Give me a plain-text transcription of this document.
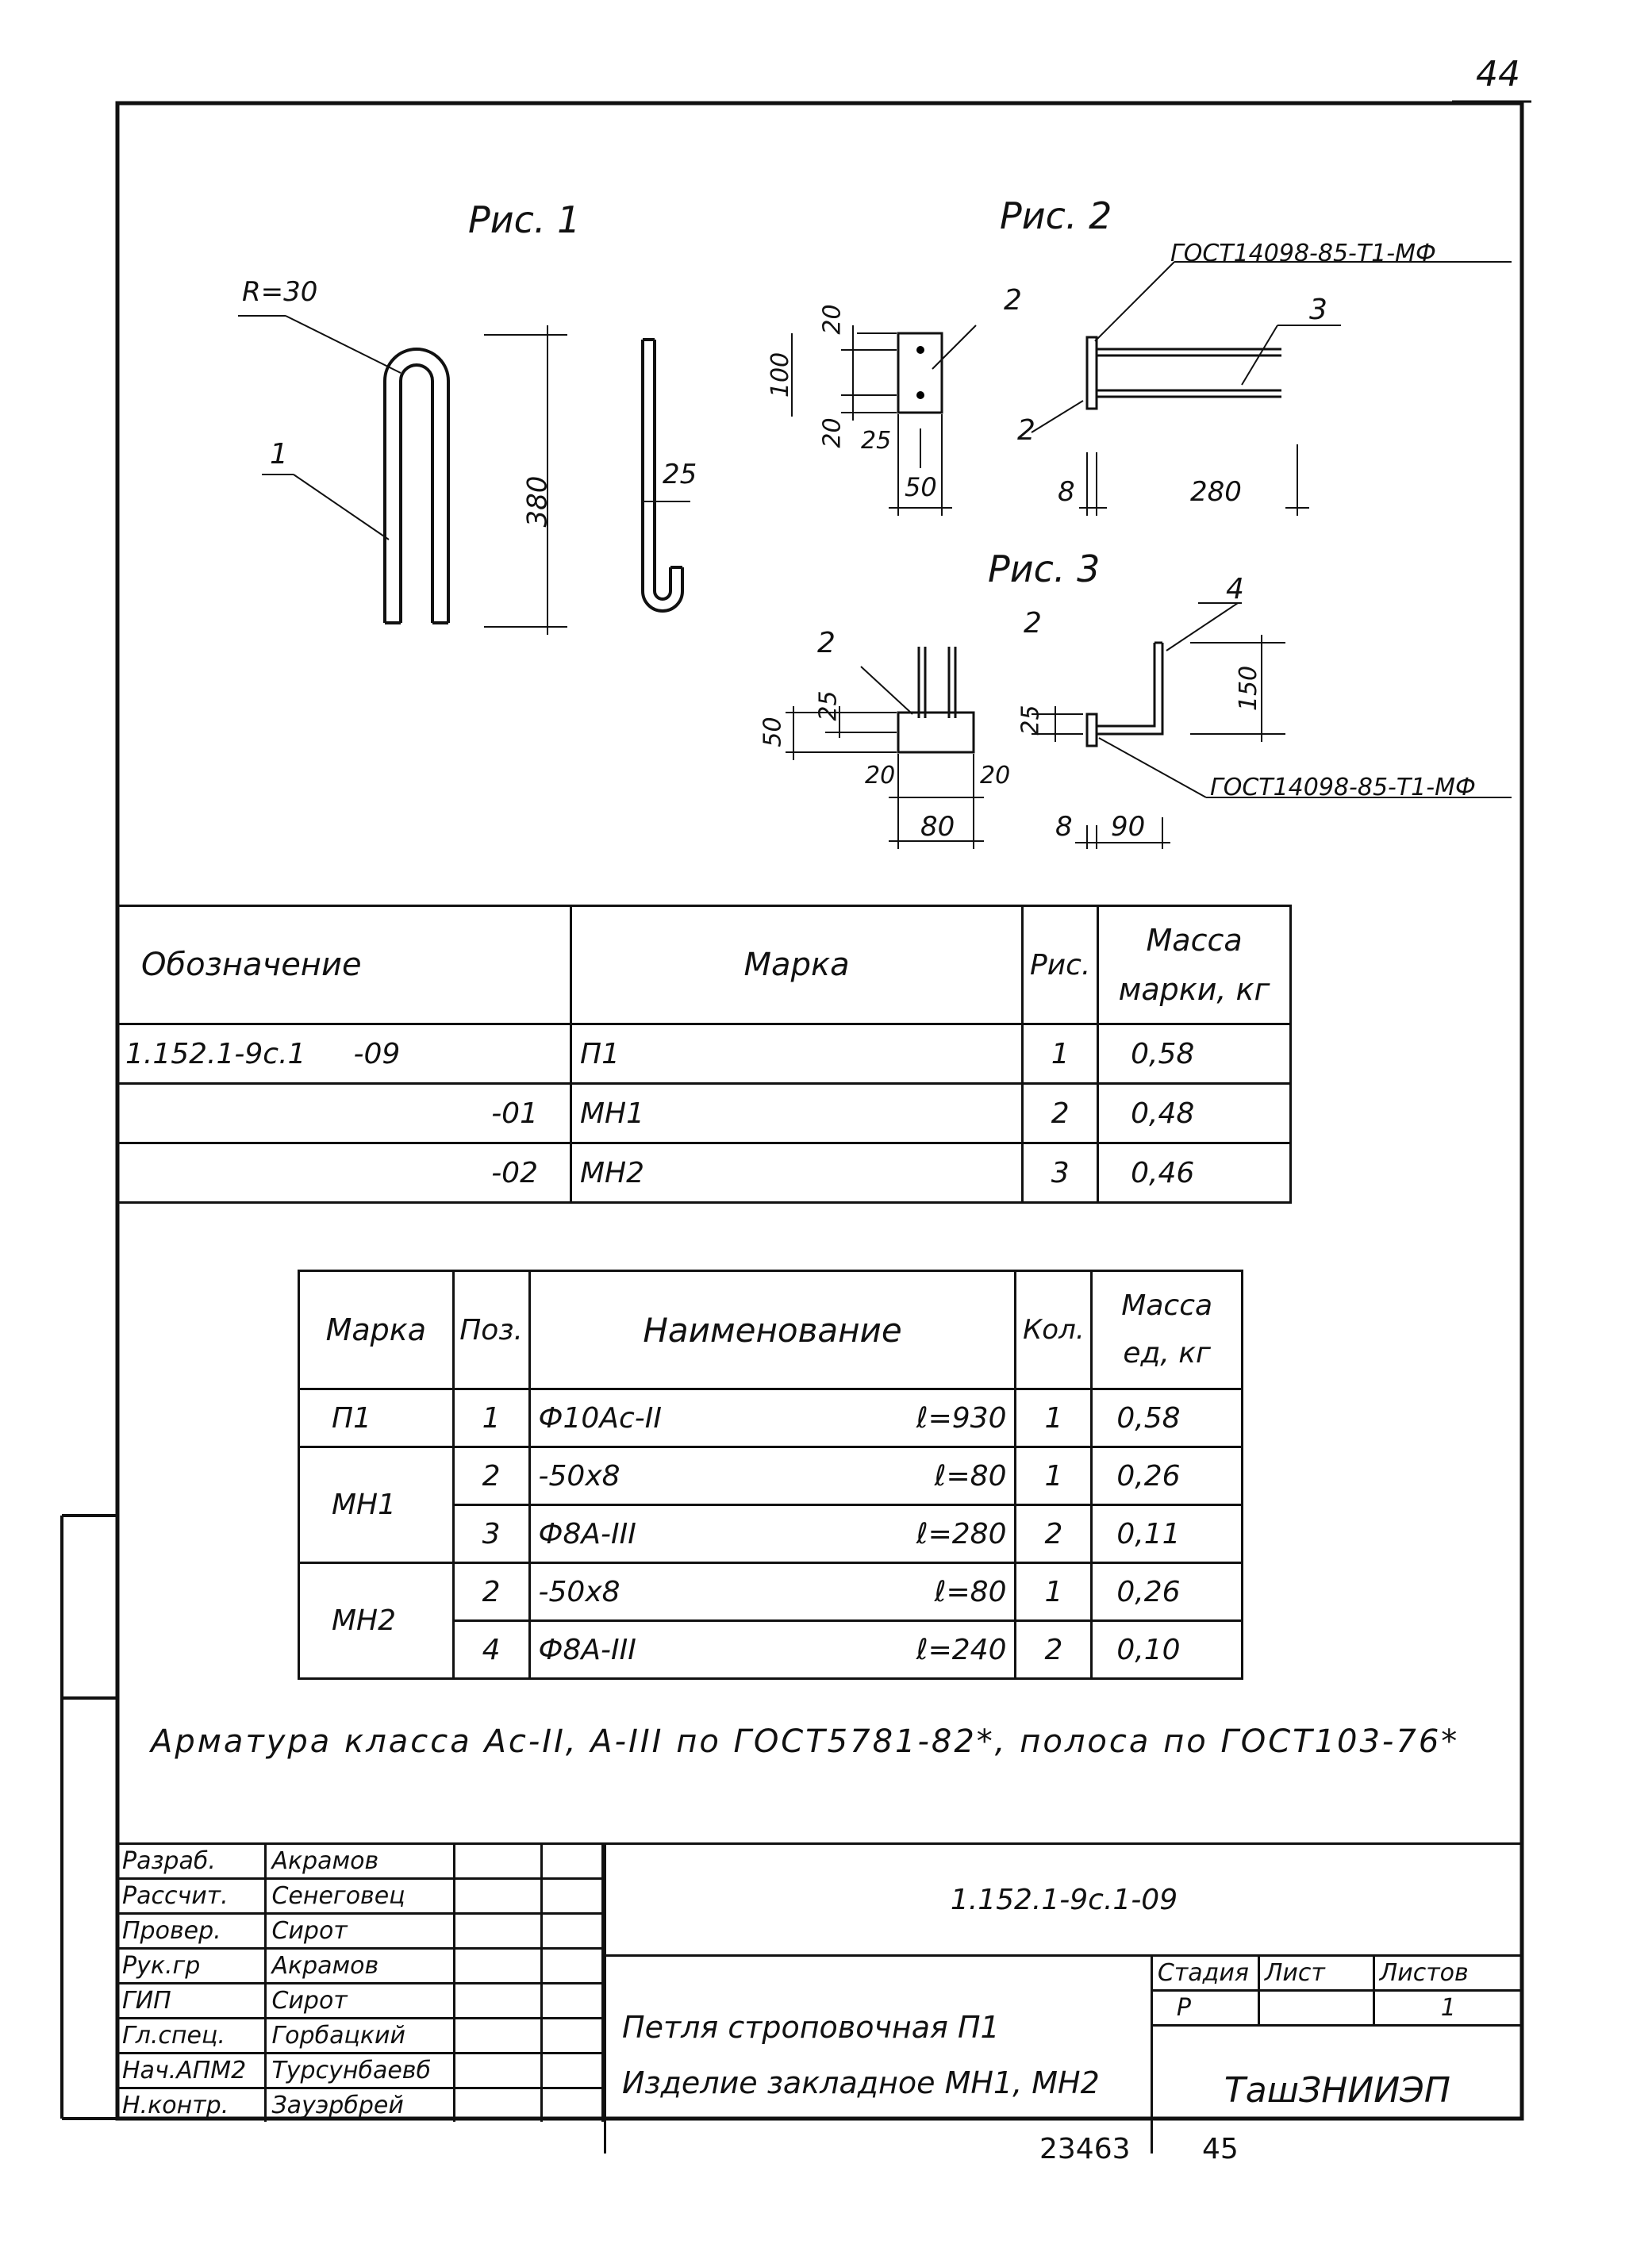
44
Рис. 1
R=30
1
380
25
Рис. 2
ГОСТ14098-85-Т1-МФ
2	3
2
20
100
20 25
50	8	280
Рис. 3	4
2
2
ГОСТ14098-85-Т1-МФ
50
25
20	20
80
25
150
8 90
Обозначение	Марка	Рис.	Масса марки, кг
1.152.1-9с.1 -09	П1	1	0,58
-01	МН1	2	0,48
-02	МН2	3	0,46
Марка	Поз.	Наименование	Кол.	Масса ед, кг
П1	1	Ф10Ас-II ℓ=930	1	0,58
МН1	2	-50х8 ℓ=80	1	0,26
	3	Ф8А-III ℓ=280	2	0,11
МН2	2	-50х8 ℓ=80	1	0,26
	4	Ф8А-III ℓ=240	2	0,10
Арматура класса Ас-II, А-III по ГОСТ5781-82*, полоса по ГОСТ103-76*
Разраб.	Акрамов		
Рассчит.	Сенеговец		
Провер.	Сирот		
Рук.гр	Акрамов		
ГИП	Сирот		
Гл.спец.	Горбацкий		
Нач.АПМ2	Турсунбаевб		
Н.контр.	Зауэрбрей		
1.152.1-9с.1-09			

Петля строповочная П1
Изделие закладное МН1, МН2	Стадия	Лист	Листов
	Р		1
	ТашЗНИИЭП		
23463	45
